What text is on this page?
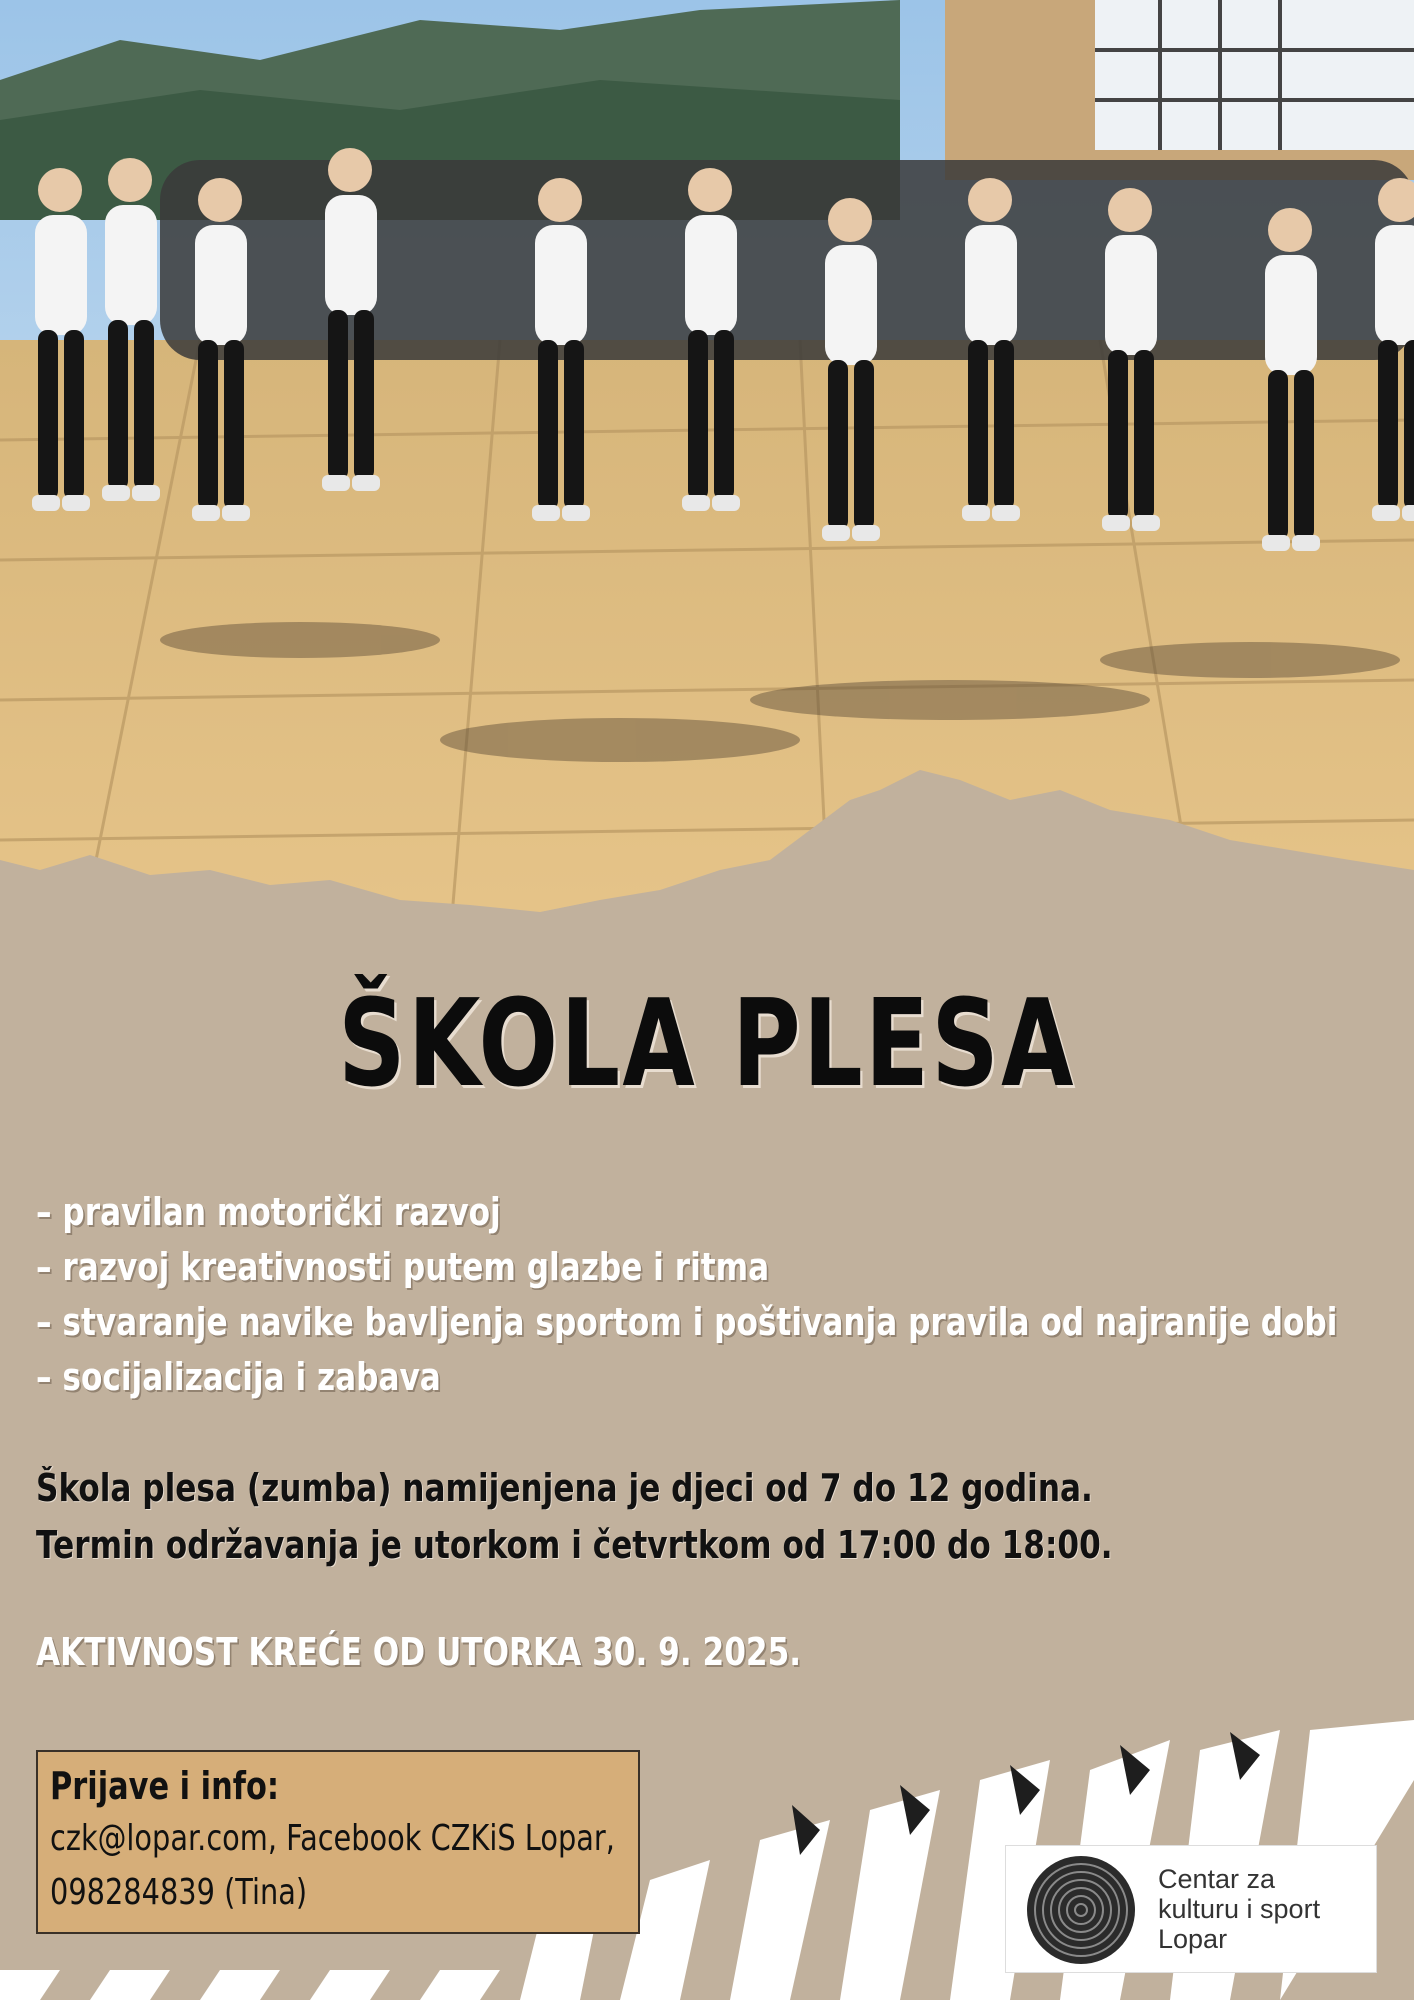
ŠKOLA PLESA
– pravilan motorički razvoj
– razvoj kreativnosti putem glazbe i ritma
– stvaranje navike bavljenja sportom i poštivanja pravila od najranije dobi
– socijalizacija i zabava
Škola plesa (zumba) namijenjena je djeci od 7 do 12 godina.
Termin održavanja je utorkom i četvrtkom od 17:00 do 18:00.
AKTIVNOST KREĆE OD UTORKA 30. 9. 2025.
Prijave i info:
czk@lopar.com, Facebook CZKiS Lopar,
098284839 (Tina)	Centar za
kulturu i sport
Lopar
